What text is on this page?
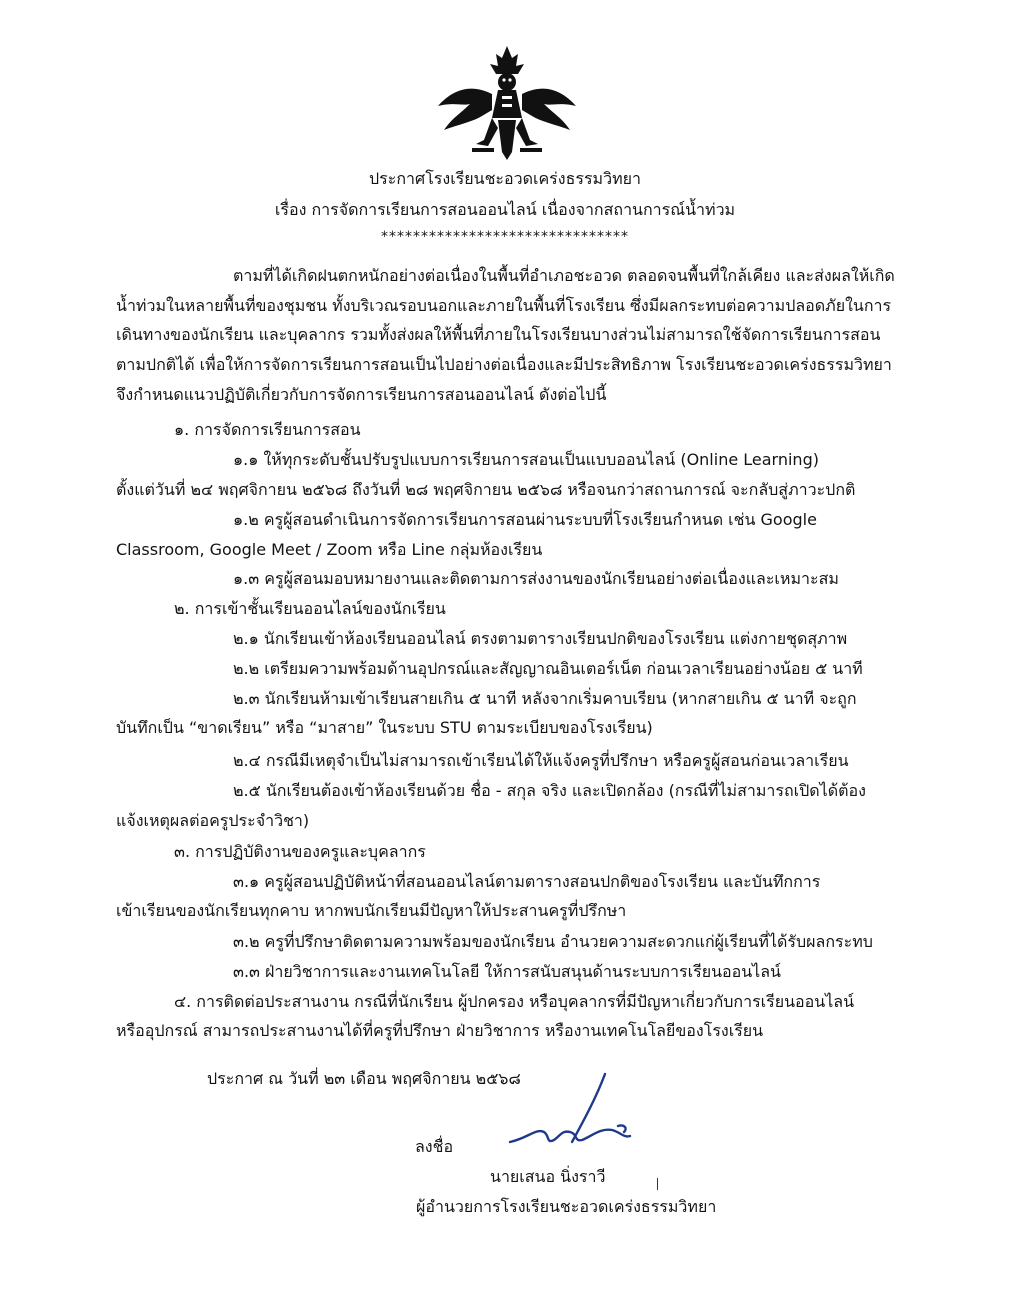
ประกาศโรงเรียนชะอวดเคร่งธรรมวิทยา
เรื่อง การจัดการเรียนการสอนออนไลน์ เนื่องจากสถานการณ์น้ำท่วม
*******************************
ตามที่ได้เกิดฝนตกหนักอย่างต่อเนื่องในพื้นที่อำเภอชะอวด ตลอดจนพื้นที่ใกล้เคียง และส่งผลให้เกิด
น้ำท่วมในหลายพื้นที่ของชุมชน ทั้งบริเวณรอบนอกและภายในพื้นที่โรงเรียน ซึ่งมีผลกระทบต่อความปลอดภัยในการ
เดินทางของนักเรียน และบุคลากร รวมทั้งส่งผลให้พื้นที่ภายในโรงเรียนบางส่วนไม่สามารถใช้จัดการเรียนการสอน
ตามปกติได้ เพื่อให้การจัดการเรียนการสอนเป็นไปอย่างต่อเนื่องและมีประสิทธิภาพ โรงเรียนชะอวดเคร่งธรรมวิทยา
จึงกำหนดแนวปฏิบัติเกี่ยวกับการจัดการเรียนการสอนออนไลน์ ดังต่อไปนี้
๑. การจัดการเรียนการสอน
๑.๑ ให้ทุกระดับชั้นปรับรูปแบบการเรียนการสอนเป็นแบบออนไลน์ (Online Learning)
ตั้งแต่วันที่ ๒๔ พฤศจิกายน ๒๕๖๘ ถึงวันที่ ๒๘ พฤศจิกายน ๒๕๖๘ หรือจนกว่าสถานการณ์ จะกลับสู่ภาวะปกติ
๑.๒ ครูผู้สอนดำเนินการจัดการเรียนการสอนผ่านระบบที่โรงเรียนกำหนด เช่น Google
Classroom, Google Meet / Zoom หรือ Line กลุ่มห้องเรียน
๑.๓ ครูผู้สอนมอบหมายงานและติดตามการส่งงานของนักเรียนอย่างต่อเนื่องและเหมาะสม
๒. การเข้าชั้นเรียนออนไลน์ของนักเรียน
๒.๑ นักเรียนเข้าห้องเรียนออนไลน์ ตรงตามตารางเรียนปกติของโรงเรียน แต่งกายชุดสุภาพ
๒.๒ เตรียมความพร้อมด้านอุปกรณ์และสัญญาณอินเตอร์เน็ต ก่อนเวลาเรียนอย่างน้อย ๕ นาที
๒.๓ นักเรียนห้ามเข้าเรียนสายเกิน ๕ นาที หลังจากเริ่มคาบเรียน (หากสายเกิน ๕ นาที จะถูก
บันทึกเป็น “ขาดเรียน” หรือ “มาสาย” ในระบบ STU ตามระเบียบของโรงเรียน)
๒.๔ กรณีมีเหตุจำเป็นไม่สามารถเข้าเรียนได้ให้แจ้งครูที่ปรึกษา หรือครูผู้สอนก่อนเวลาเรียน
๒.๕ นักเรียนต้องเข้าห้องเรียนด้วย ชื่อ - สกุล จริง และเปิดกล้อง (กรณีที่ไม่สามารถเปิดได้ต้อง
แจ้งเหตุผลต่อครูประจำวิชา)
๓. การปฏิบัติงานของครูและบุคลากร
๓.๑ ครูผู้สอนปฏิบัติหน้าที่สอนออนไลน์ตามตารางสอนปกติของโรงเรียน และบันทึกการ
เข้าเรียนของนักเรียนทุกคาบ หากพบนักเรียนมีปัญหาให้ประสานครูที่ปรึกษา
๓.๒ ครูที่ปรึกษาติดตามความพร้อมของนักเรียน อำนวยความสะดวกแก่ผู้เรียนที่ได้รับผลกระทบ
๓.๓ ฝ่ายวิชาการและงานเทคโนโลยี ให้การสนับสนุนด้านระบบการเรียนออนไลน์
๔. การติดต่อประสานงาน กรณีที่นักเรียน ผู้ปกครอง หรือบุคลากรที่มีปัญหาเกี่ยวกับการเรียนออนไลน์
หรืออุปกรณ์ สามารถประสานงานได้ที่ครูที่ปรึกษา ฝ่ายวิชาการ หรืองานเทคโนโลยีของโรงเรียน
ประกาศ ณ วันที่ ๒๓ เดือน พฤศจิกายน ๒๕๖๘
ลงชื่อ
นายเสนอ นิ่งราวี
ผู้อำนวยการโรงเรียนชะอวดเคร่งธรรมวิทยา
